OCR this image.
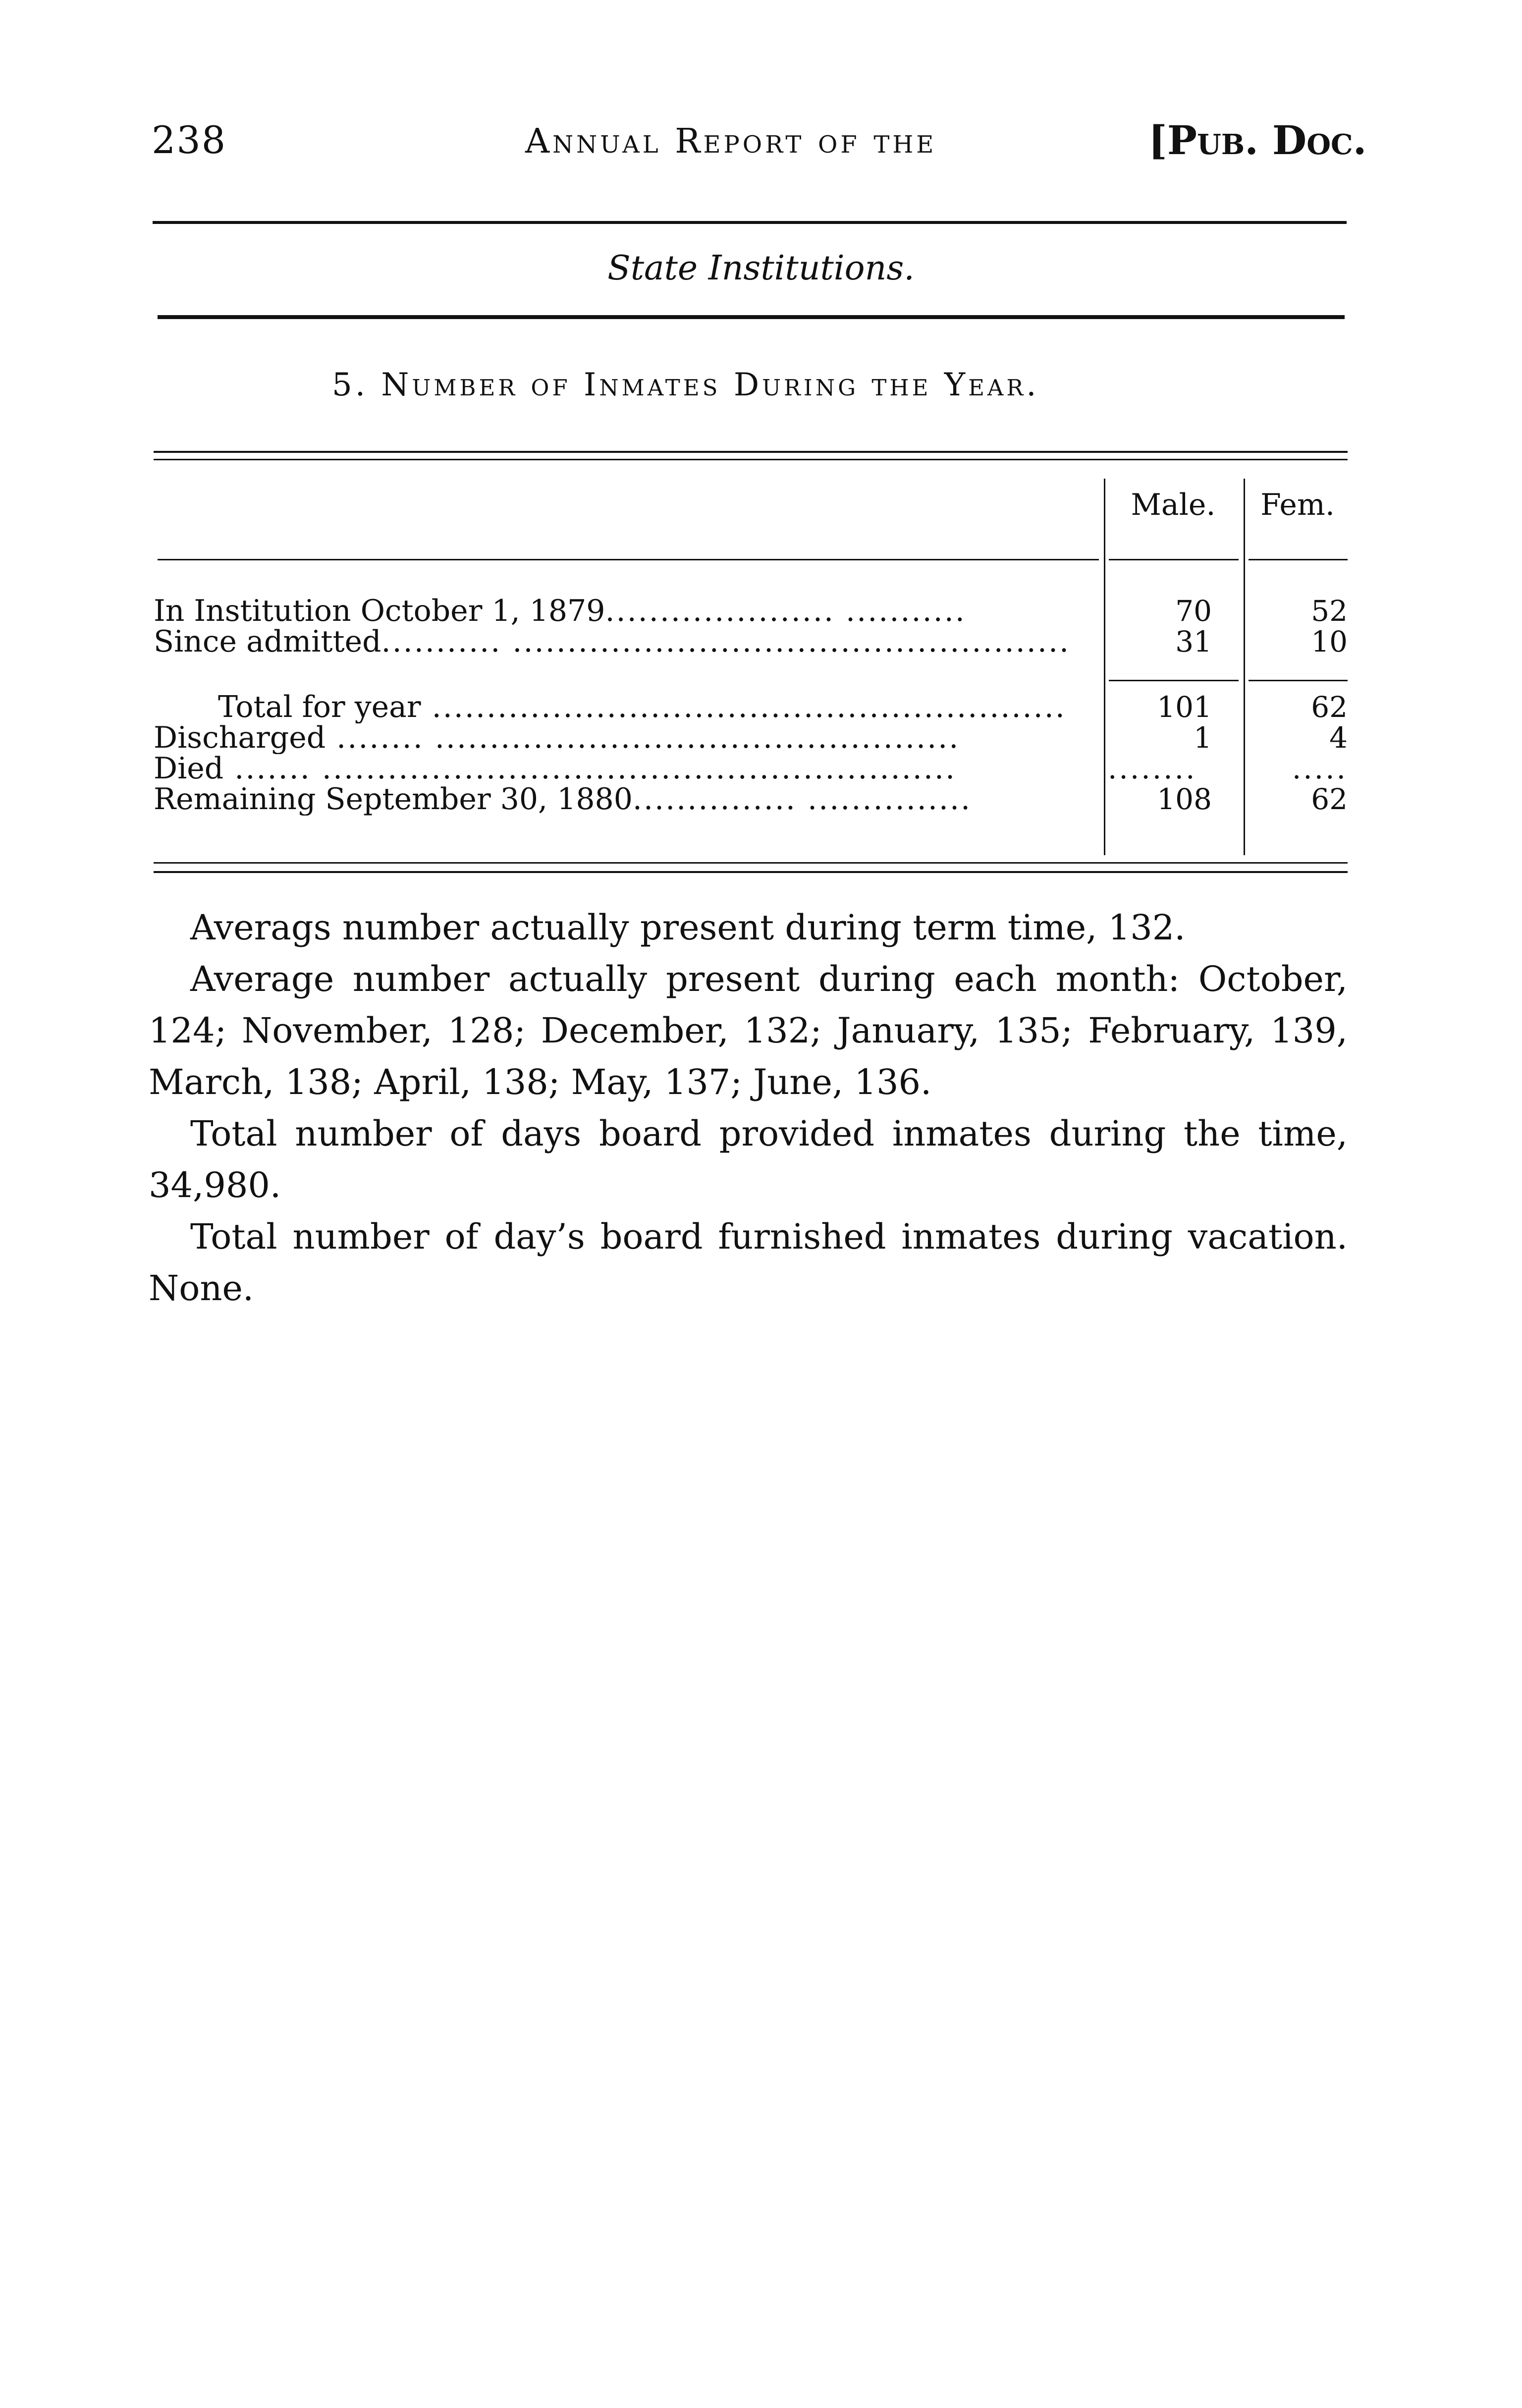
238	Annual Report of the	[Pub. Doc.
State Institutions.
5. Number of Inmates During the Year.
Male.	Fem.
In Institution October 1, 1879..................... ...........	70	52
Since admitted........... ...................................................	31	10
Total for year ..........................................................	101	62
Discharged ........ ................................................	1	4
Died ....... ..........................................................	........	.....
Remaining September 30, 1880............... ...............	108	62
Averags number actually present during term time, 132.
Average number actually present during each month: October, 124; November, 128; December, 132; January, 135; February, 139, March, 138; April, 138; May, 137; June, 136.
Total number of days board provided inmates during the time, 34,980.
Total number of day’s board furnished inmates during vacation. None.
